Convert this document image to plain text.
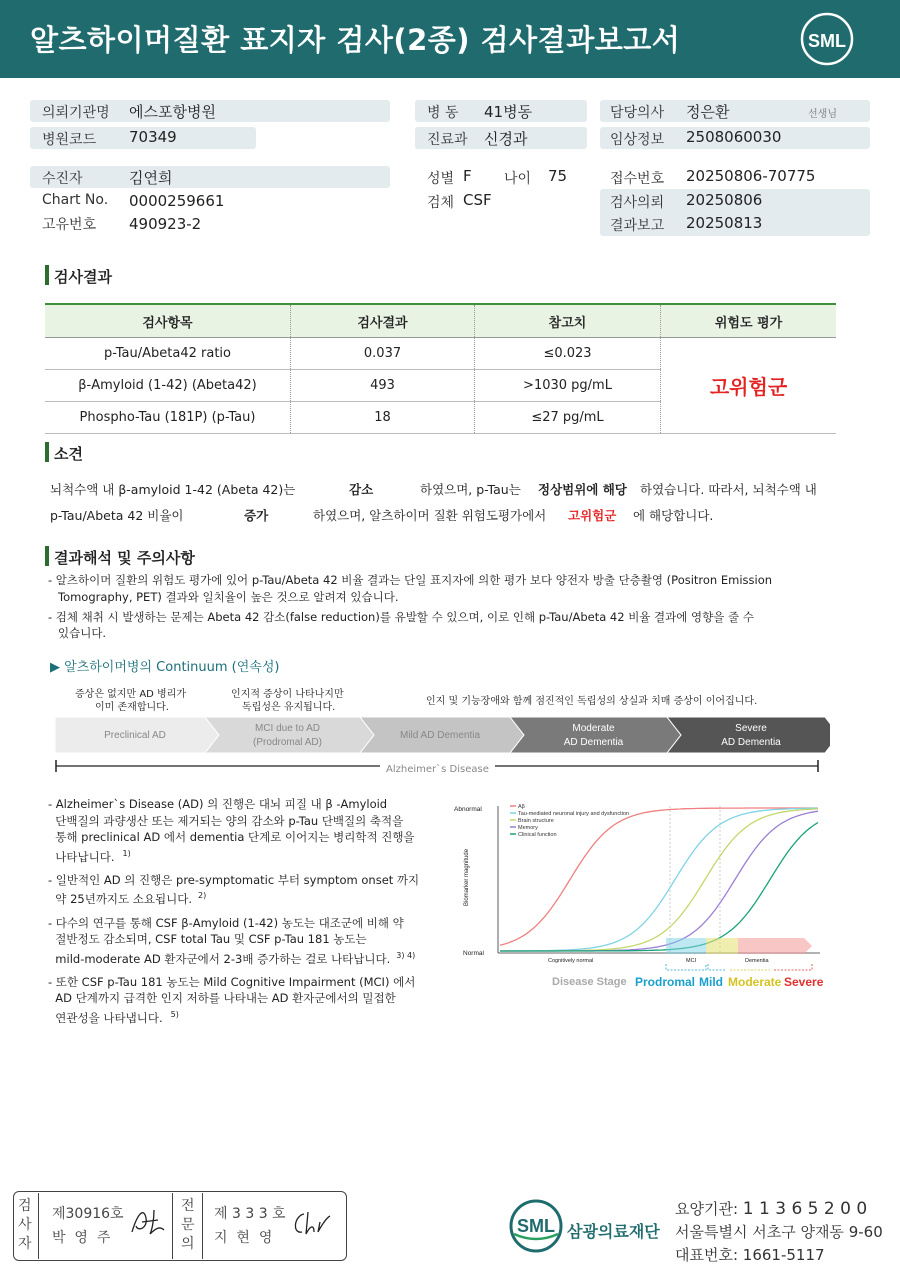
알츠하이머질환 표지자 검사(2종) 검사결과보고서	SML
의뢰기관명 에스포항병원
병원코드 70349
병 동 41병동
진료과 신경과
담당의사 정은환	선생님
임상정보 2508060030
수진자	김연희
Chart No. 0000259661
고유번호 490923-2
성별 F 나이 75
검체 CSF
접수번호 20250806-70775
검사의뢰 20250806
결과보고 20250813
검사결과
검사항목	검사결과	참고치	위험도 평가
p-Tau/Abeta42 ratio	0.037	≤0.023	고위험군
β-Amyloid (1-42) (Abeta42)	493	>1030 pg/mL	
Phospho-Tau (181P) (p-Tau)	18	≤27 pg/mL	
소견
뇌척수액 내 β-amyloid 1-42 (Abeta 42)는	감소	하였으며, p-Tau는 정상범위에 해당 하였습니다. 따라서, 뇌척수액 내
p-Tau/Abeta 42 비율이	증가	하였으며, 알츠하이머 질환 위험도평가에서 고위험군 에 해당합니다.
결과해석 및 주의사항
- 알츠하이머 질환의 위험도 평가에 있어 p-Tau/Abeta 42 비율 결과는 단일 표지자에 의한 평가 보다 양전자 방출 단층촬영 (Positron Emission
Tomography, PET) 결과와 일치율이 높은 것으로 알려져 있습니다.
- 검체 채취 시 발생하는 문제는 Abeta 42 감소(false reduction)를 유발할 수 있으며, 이로 인해 p-Tau/Abeta 42 비율 결과에 영향을 줄 수
있습니다.
▶ 알츠하이머병의 Continuum (연속성)
증상은 없지만 AD 병리가
이미 존재합니다.
인지적 증상이 나타나지만
독립성은 유지됩니다.
인지 및 기능장애와 함께 점진적인 독립성의 상실과 치매 증상이 이어집니다.
Preclinical AD
MCI due to AD
(Prodromal AD)
Mild AD Dementia
Moderate
AD Dementia
Severe
AD Dementia
Alzheimer`s Disease
- Alzheimer`s Disease (AD) 의 진행은 대뇌 피질 내 β -Amyloid
단백질의 과량생산 또는 제거되는 양의 감소와 p-Tau 단백질의 축적을
통해 preclinical AD 에서 dementia 단계로 이어지는 병리학적 진행을
나타납니다. $^{1)}$
- 일반적인 AD 의 진행은 pre-symptomatic 부터 symptom onset 까지
약 25년까지도 소요됩니다. $^{2)}$
- 다수의 연구를 통해 CSF β-Amyloid (1-42) 농도는 대조군에 비해 약
절반정도 감소되며, CSF total Tau 및 CSF p-Tau 181 농도는
mild-moderate AD 환자군에서 2-3배 증가하는 걸로 나타납니다. $^{3) 4)}$
- 또한 CSF p-Tau 181 농도는 Mild Cognitive Impairment (MCI) 에서
AD 단계까지 급격한 인지 저하를 나타내는 AD 환자군에서의 밀접한
연관성을 나타냅니다. $^{5)}$
Abnormal
Normal
Biomarker magnitude
Aβ
Tau-mediated neuronal injury and dysfunction
Brain structure
Memory
Clinical function
Cognitively normal	MCI	Dementia
Disease Stage Prodromal Mild Moderate Severe
검사자
제30916호
박  영  주
전문의
제 3 3 3 호
지  현  영
SML 삼광의료재단
요양기관: 1 1 3 6 5 2 0 0
서울특별시 서초구 양재동 9-60
대표번호: 1661-5117
